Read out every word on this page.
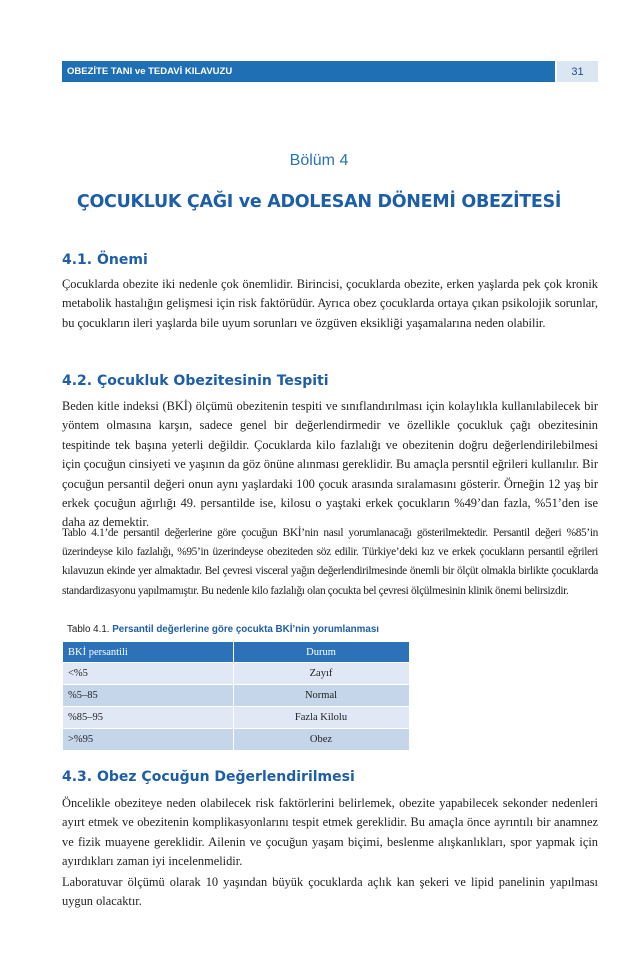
OBEZİTE TANI ve TEDAVİ KILAVUZU	31
Bölüm 4
ÇOCUKLUK ÇAĞI ve ADOLESAN DÖNEMİ OBEZİTESİ
4.1. Önemi
Çocuklarda obezite iki nedenle çok önemlidir. Birincisi, çocuklarda obezite, erken yaşlarda pek çok kronik metabolik hastalığın gelişmesi için risk faktörüdür. Ayrıca obez çocuklarda ortaya çıkan psikolojik sorunlar, bu çocukların ileri yaşlarda bile uyum sorunları ve özgüven eksikliği yaşamalarına neden olabilir.
4.2. Çocukluk Obezitesinin Tespiti
Beden kitle indeksi (BKİ) ölçümü obezitenin tespiti ve sınıflandırılması için kolaylıkla kullanılabilecek bir yöntem olmasına karşın, sadece genel bir değerlendirmedir ve özellikle çocukluk çağı obezitesinin tespitinde tek başına yeterli değildir. Çocuklarda kilo fazlalığı ve obezitenin doğru değerlendirilebilmesi için çocuğun cinsiyeti ve yaşının da göz önüne alınması gereklidir. Bu amaçla persntil eğrileri kullanılır. Bir çocuğun persantil değeri onun aynı yaşlardaki 100 çocuk arasında sıralamasını gösterir. Örneğin 12 yaş bir erkek çocuğun ağırlığı 49. persantilde ise, kilosu o yaştaki erkek çocukların %49’dan fazla, %51’den ise daha az demektir.
Tablo 4.1’de persantil değerlerine göre çocuğun BKİ’nin nasıl yorumlanacağı gösterilmektedir. Persantil değeri %85’in üzerindeyse kilo fazlalığı, %95’in üzerindeyse obeziteden söz edilir. Türkiye’deki kız ve erkek çocukların persantil eğrileri kılavuzun ekinde yer almaktadır. Bel çevresi visceral yağın değerlendirilmesinde önemli bir ölçüt olmakla birlikte çocuklarda standardizasyonu yapılmamıştır. Bu nedenle kilo fazlalığı olan çocukta bel çevresi ölçülmesinin klinik önemi belirsizdir.
Tablo 4.1. Persantil değerlerine göre çocukta BKİ’nin yorumlanması
BKİ persantili	Durum
<%5	Zayıf
%5–85	Normal
%85–95	Fazla Kilolu
>%95	Obez
4.3. Obez Çocuğun Değerlendirilmesi
Öncelikle obeziteye neden olabilecek risk faktörlerini belirlemek, obezite yapabilecek sekonder nedenleri ayırt etmek ve obezitenin komplikasyonlarını tespit etmek gereklidir. Bu amaçla önce ayrıntılı bir anamnez ve fizik muayene gereklidir. Ailenin ve çocuğun yaşam biçimi, beslenme alışkanlıkları, spor yapmak için ayırdıkları zaman iyi incelenmelidir.
Laboratuvar ölçümü olarak 10 yaşından büyük çocuklarda açlık kan şekeri ve lipid panelinin yapılması uygun olacaktır.
